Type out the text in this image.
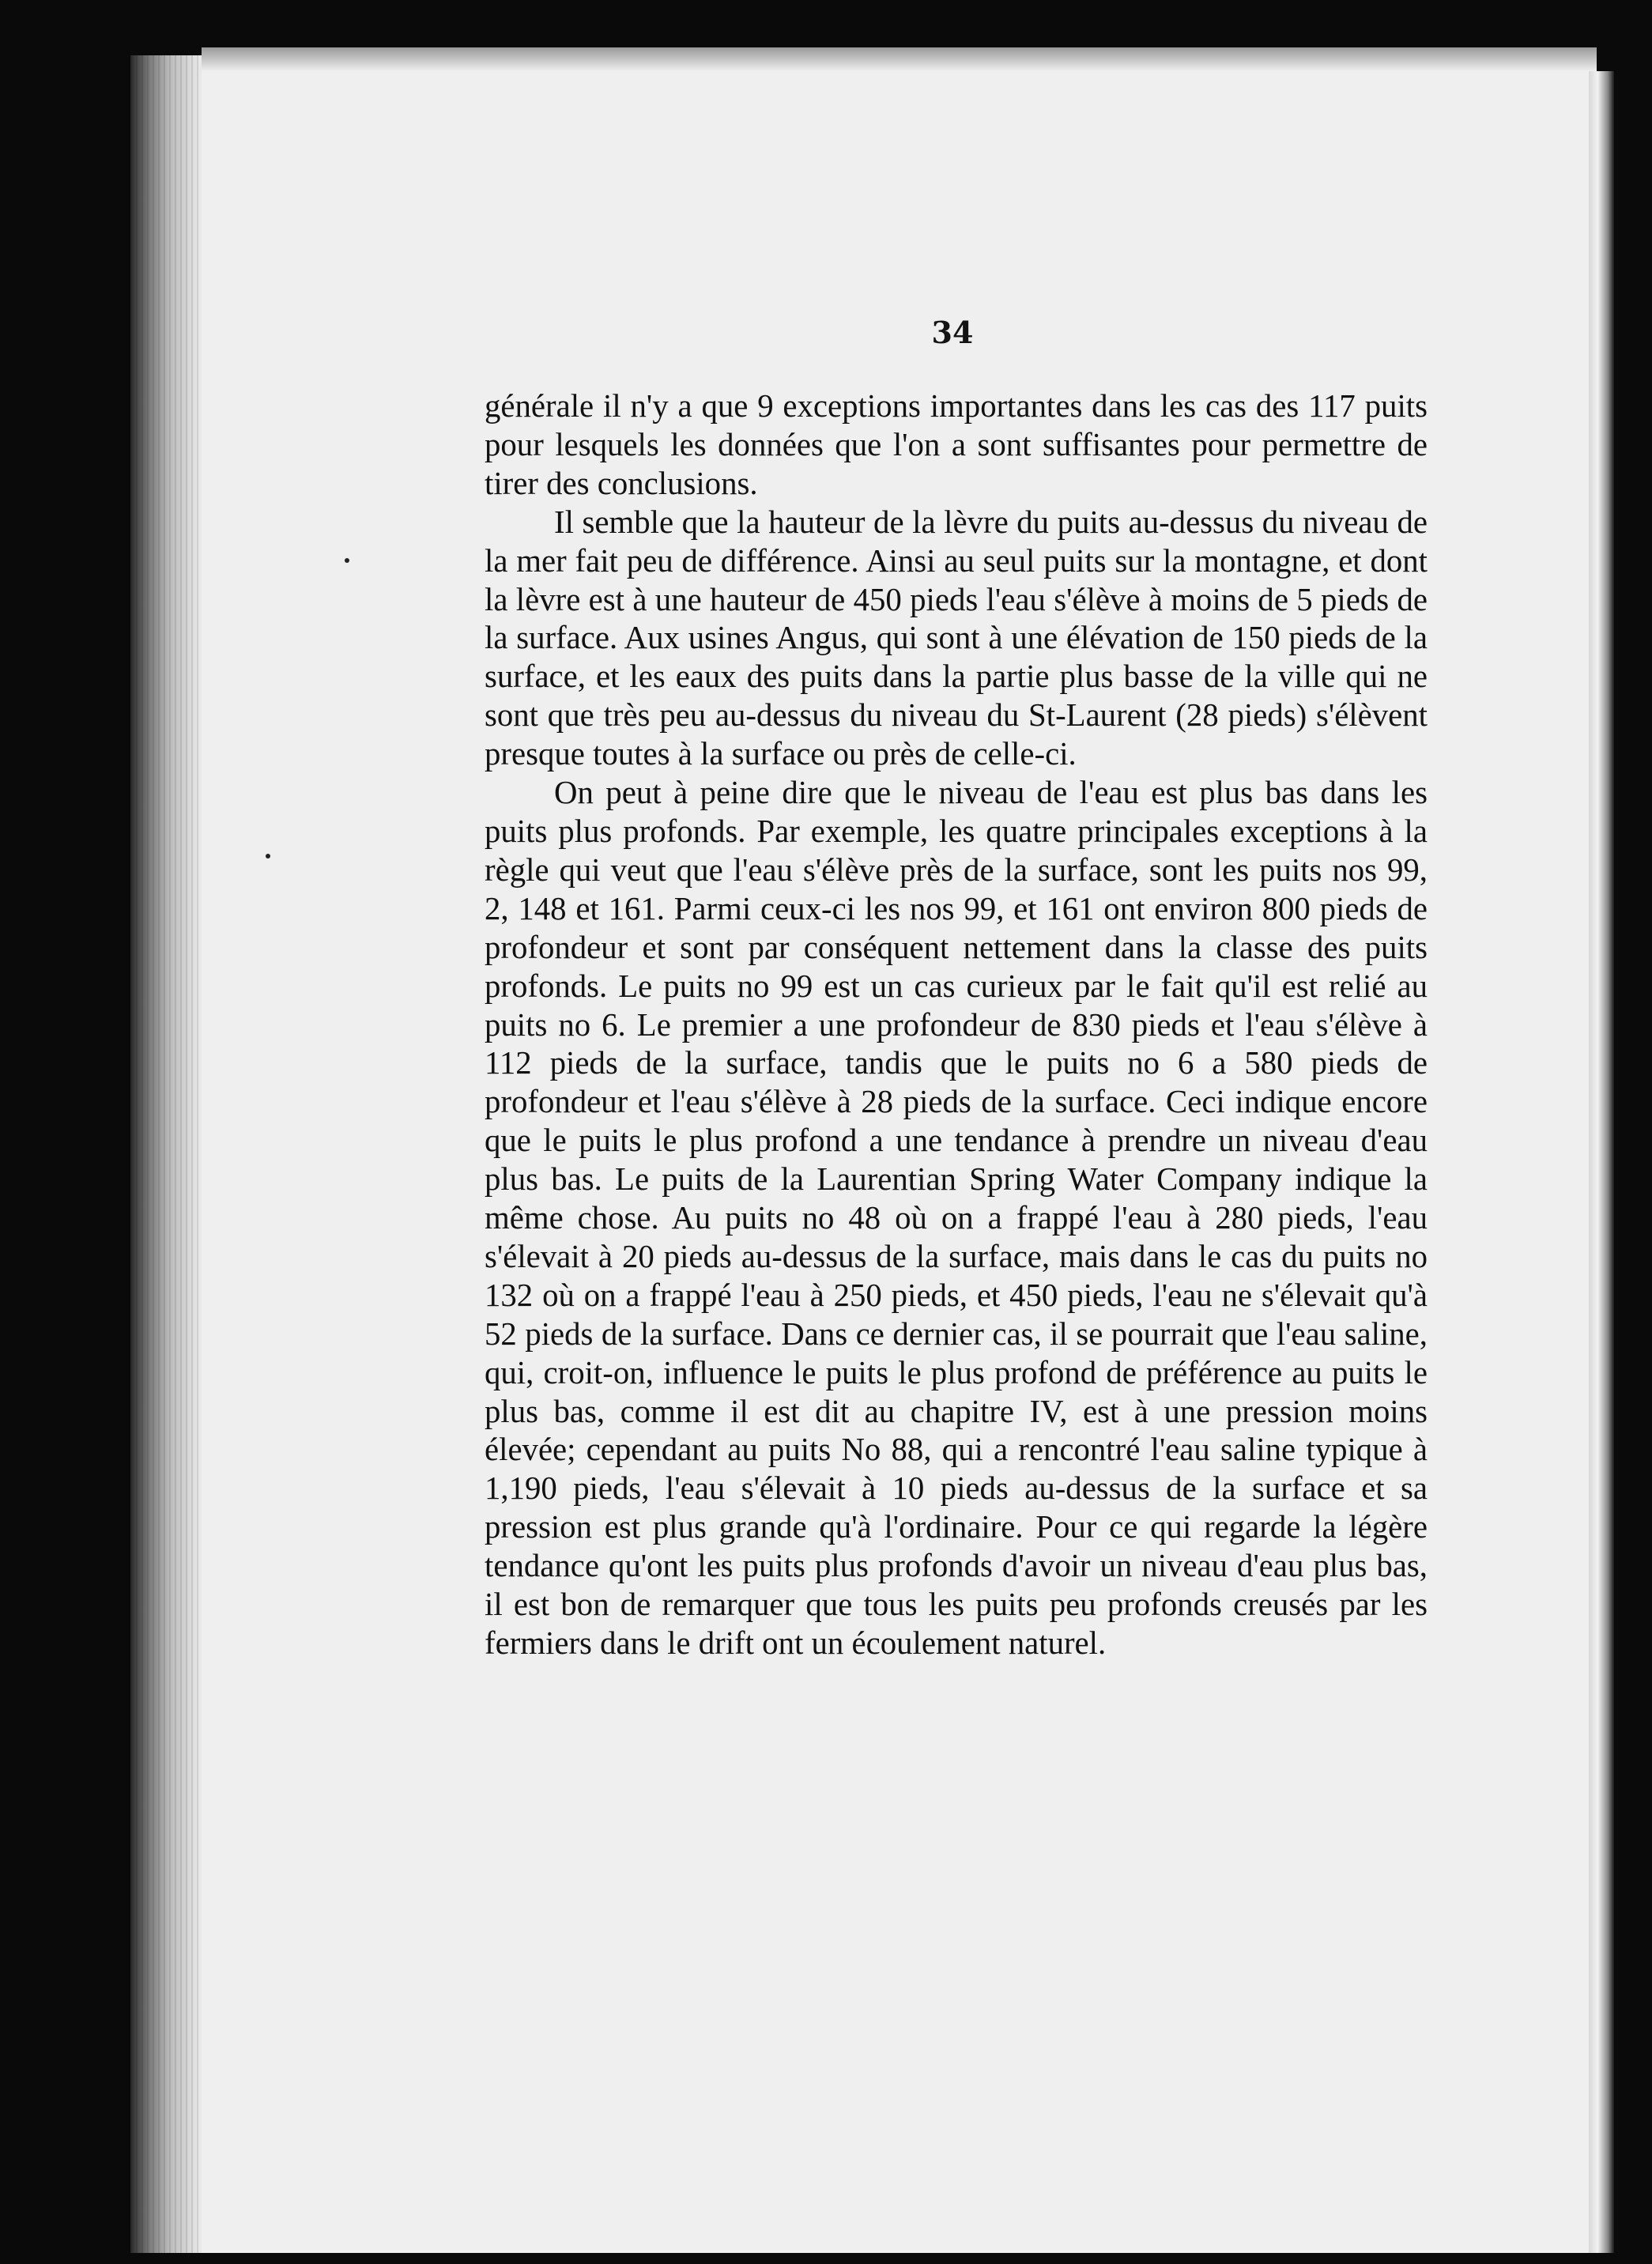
34

générale il n'y a que 9 exceptions importantes dans les cas des 117 puits pour lesquels les données que l'on a sont suffisantes pour permettre de tirer des conclusions.

Il semble que la hauteur de la lèvre du puits au-dessus du niveau de la mer fait peu de différence. Ainsi au seul puits sur la montagne, et dont la lèvre est à une hauteur de 450 pieds l'eau s'élève à moins de 5 pieds de la surface. Aux usines Angus, qui sont à une élévation de 150 pieds de la surface, et les eaux des puits dans la partie plus basse de la ville qui ne sont que très peu au-dessus du niveau du St-Laurent (28 pieds) s'élèvent presque toutes à la surface ou près de celle-ci.

On peut à peine dire que le niveau de l'eau est plus bas dans les puits plus profonds. Par exemple, les quatre principales exceptions à la règle qui veut que l'eau s'élève près de la surface, sont les puits nos 99, 2, 148 et 161. Parmi ceux-ci les nos 99, et 161 ont environ 800 pieds de profondeur et sont par conséquent nettement dans la classe des puits profonds. Le puits no 99 est un cas curieux par le fait qu'il est relié au puits no 6. Le premier a une profondeur de 830 pieds et l'eau s'élève à 112 pieds de la surface, tandis que le puits no 6 a 580 pieds de profondeur et l'eau s'élève à 28 pieds de la surface. Ceci indique encore que le puits le plus profond a une tendance à prendre un niveau d'eau plus bas. Le puits de la Laurentian Spring Water Company indique la même chose. Au puits no 48 où on a frappé l'eau à 280 pieds, l'eau s'élevait à 20 pieds au-dessus de la surface, mais dans le cas du puits no 132 où on a frappé l'eau à 250 pieds, et 450 pieds, l'eau ne s'élevait qu'à 52 pieds de la surface. Dans ce dernier cas, il se pourrait que l'eau saline, qui, croit-on, influence le puits le plus profond de préférence au puits le plus bas, comme il est dit au chapitre IV, est à une pression moins élevée; cependant au puits No 88, qui a rencontré l'eau saline typique à 1,190 pieds, l'eau s'élevait à 10 pieds au-dessus de la surface et sa pression est plus grande qu'à l'ordinaire. Pour ce qui regarde la légère tendance qu'ont les puits plus profonds d'avoir un niveau d'eau plus bas, il est bon de remarquer que tous les puits peu profonds creusés par les fermiers dans le drift ont un écoulement naturel.
